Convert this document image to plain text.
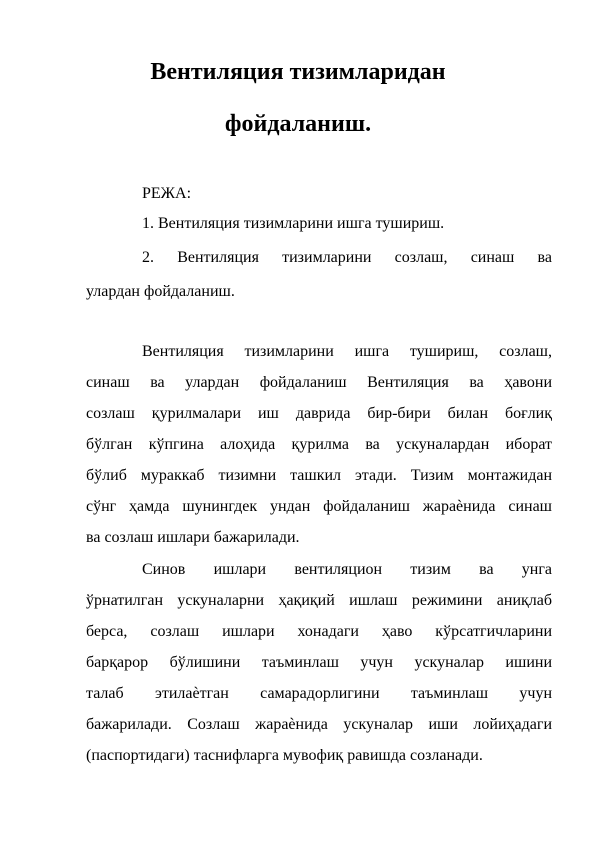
Вентиляция тизимларидан
фойдаланиш.
РЕЖА:
1. Вентиляция тизимларини ишга тушириш.
2. Вентиляция тизимларини созлаш, синаш ва
улардан фойдаланиш.
Вентиляция тизимларини ишга тушириш, созлаш,
синаш ва улардан фойдаланиш Вентиляция ва ҳавони
созлаш қурилмалари иш даврида бир-бири билан боғлиқ
бўлган кўпгина алоҳида қурилма ва ускуналардан иборат
бўлиб мураккаб тизимни ташкил этади. Тизим монтажидан
сўнг ҳамда шунингдек ундан фойдаланиш жараѐнида синаш
ва созлаш ишлари бажарилади.
Синов ишлари вентиляцион тизим ва унга
ўрнатилган ускуналарни ҳақиқий ишлаш режимини аниқлаб
берса, созлаш ишлари хонадаги ҳаво кўрсатгичларини
барқарор бўлишини таъминлаш учун ускуналар ишини
талаб этилаѐтган самарадорлигини таъминлаш учун
бажарилади. Созлаш жараѐнида ускуналар иши лойиҳадаги
(паспортидаги) таснифларга мувофиқ равишда созланади.
